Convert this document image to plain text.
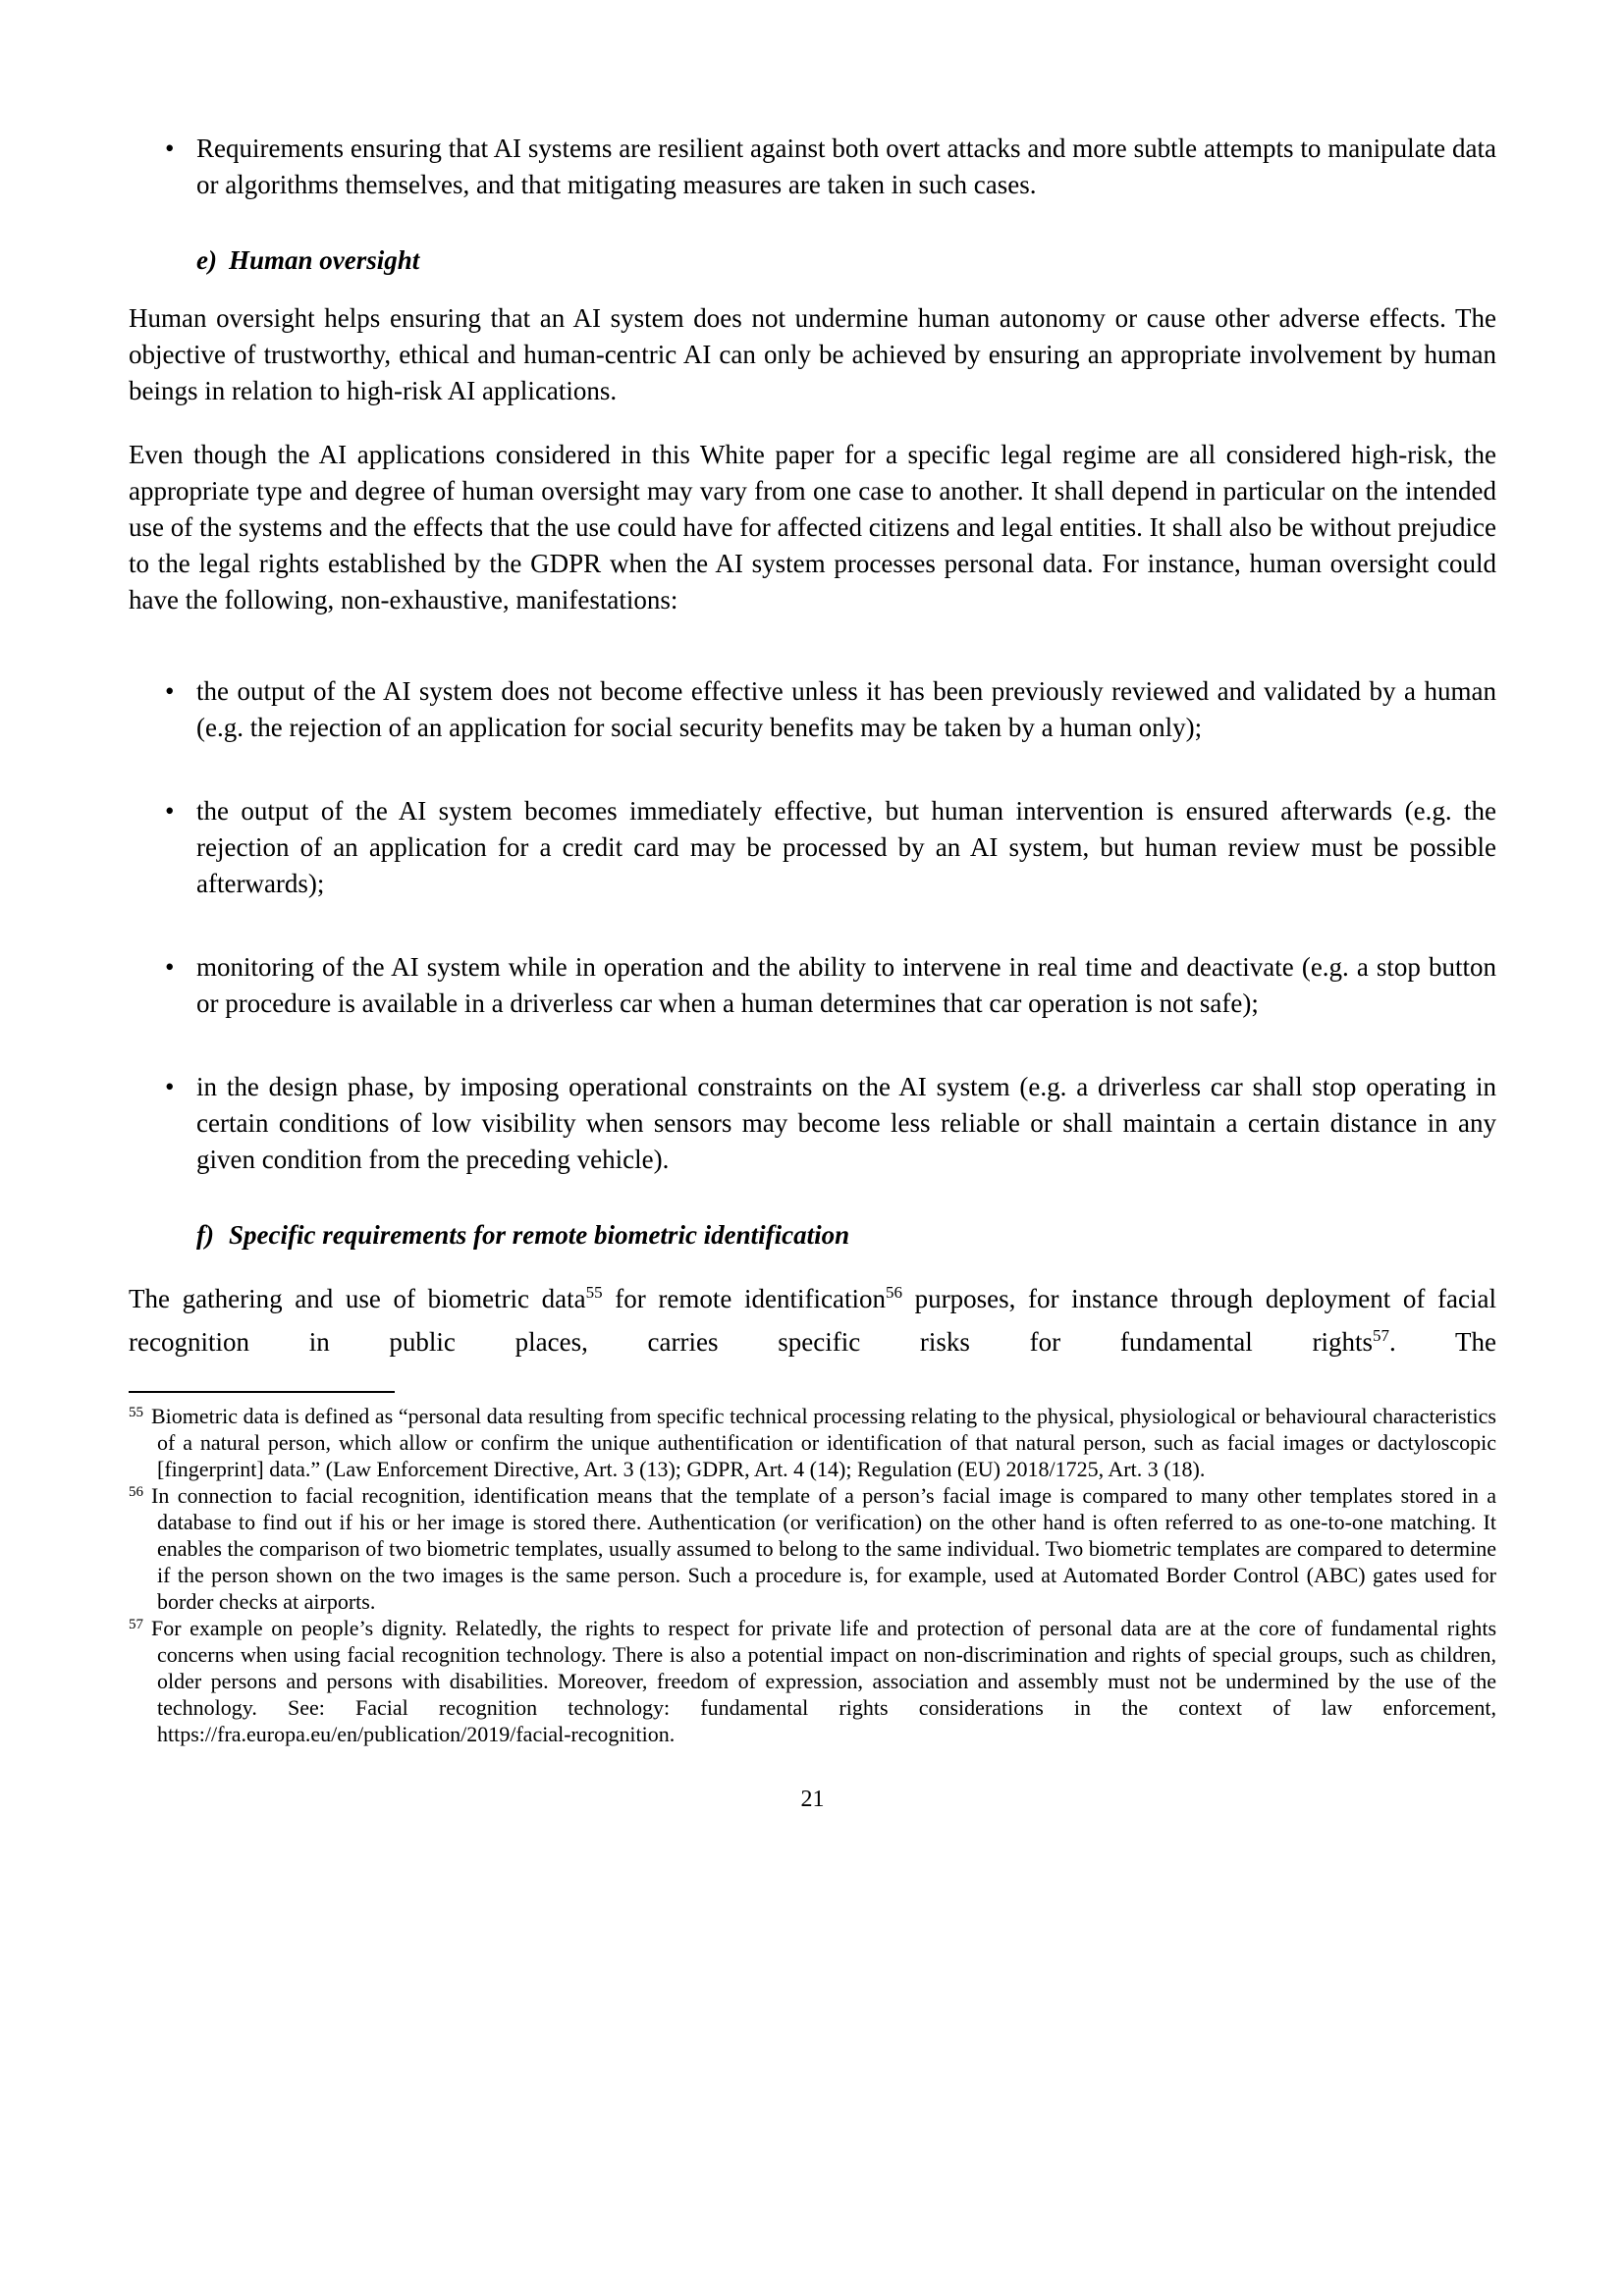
• Requirements ensuring that AI systems are resilient against both overt attacks and more subtle attempts to manipulate data or algorithms themselves, and that mitigating measures are taken in such cases.
e) Human oversight

Human oversight helps ensuring that an AI system does not undermine human autonomy or cause other adverse effects. The objective of trustworthy, ethical and human-centric AI can only be achieved by ensuring an appropriate involvement by human beings in relation to high-risk AI applications.

Even though the AI applications considered in this White paper for a specific legal regime are all considered high-risk, the appropriate type and degree of human oversight may vary from one case to another. It shall depend in particular on the intended use of the systems and the effects that the use could have for affected citizens and legal entities. It shall also be without prejudice to the legal rights established by the GDPR when the AI system processes personal data. For instance, human oversight could have the following, non-exhaustive, manifestations:

• the output of the AI system does not become effective unless it has been previously reviewed and validated by a human (e.g. the rejection of an application for social security benefits may be taken by a human only);
• the output of the AI system becomes immediately effective, but human intervention is ensured afterwards (e.g. the rejection of an application for a credit card may be processed by an AI system, but human review must be possible afterwards);
• monitoring of the AI system while in operation and the ability to intervene in real time and deactivate (e.g. a stop button or procedure is available in a driverless car when a human determines that car operation is not safe);
• in the design phase, by imposing operational constraints on the AI system (e.g. a driverless car shall stop operating in certain conditions of low visibility when sensors may become less reliable or shall maintain a certain distance in any given condition from the preceding vehicle).
f) Specific requirements for remote biometric identification

The gathering and use of biometric data$^{55}$ for remote identification$^{56}$ purposes, for instance through deployment of facial recognition in public places, carries specific risks for fundamental rights$^{57}$. The

$^{55}$ Biometric data is defined as “personal data resulting from specific technical processing relating to the physical, physiological or behavioural characteristics of a natural person, which allow or confirm the unique authentification or identification of that natural person, such as facial images or dactyloscopic [fingerprint] data.” (Law Enforcement Directive, Art. 3 (13); GDPR, Art. 4 (14); Regulation (EU) 2018/1725, Art. 3 (18).
$^{56}$ In connection to facial recognition, identification means that the template of a person’s facial image is compared to many other templates stored in a database to find out if his or her image is stored there. Authentication (or verification) on the other hand is often referred to as one-to-one matching. It enables the comparison of two biometric templates, usually assumed to belong to the same individual. Two biometric templates are compared to determine if the person shown on the two images is the same person. Such a procedure is, for example, used at Automated Border Control (ABC) gates used for border checks at airports.
$^{57}$ For example on people’s dignity. Relatedly, the rights to respect for private life and protection of personal data are at the core of fundamental rights concerns when using facial recognition technology. There is also a potential impact on non-discrimination and rights of special groups, such as children, older persons and persons with disabilities. Moreover, freedom of expression, association and assembly must not be undermined by the use of the technology. See: Facial recognition technology: fundamental rights considerations in the context of law enforcement, https://fra.europa.eu/en/publication/2019/facial-recognition.
21
